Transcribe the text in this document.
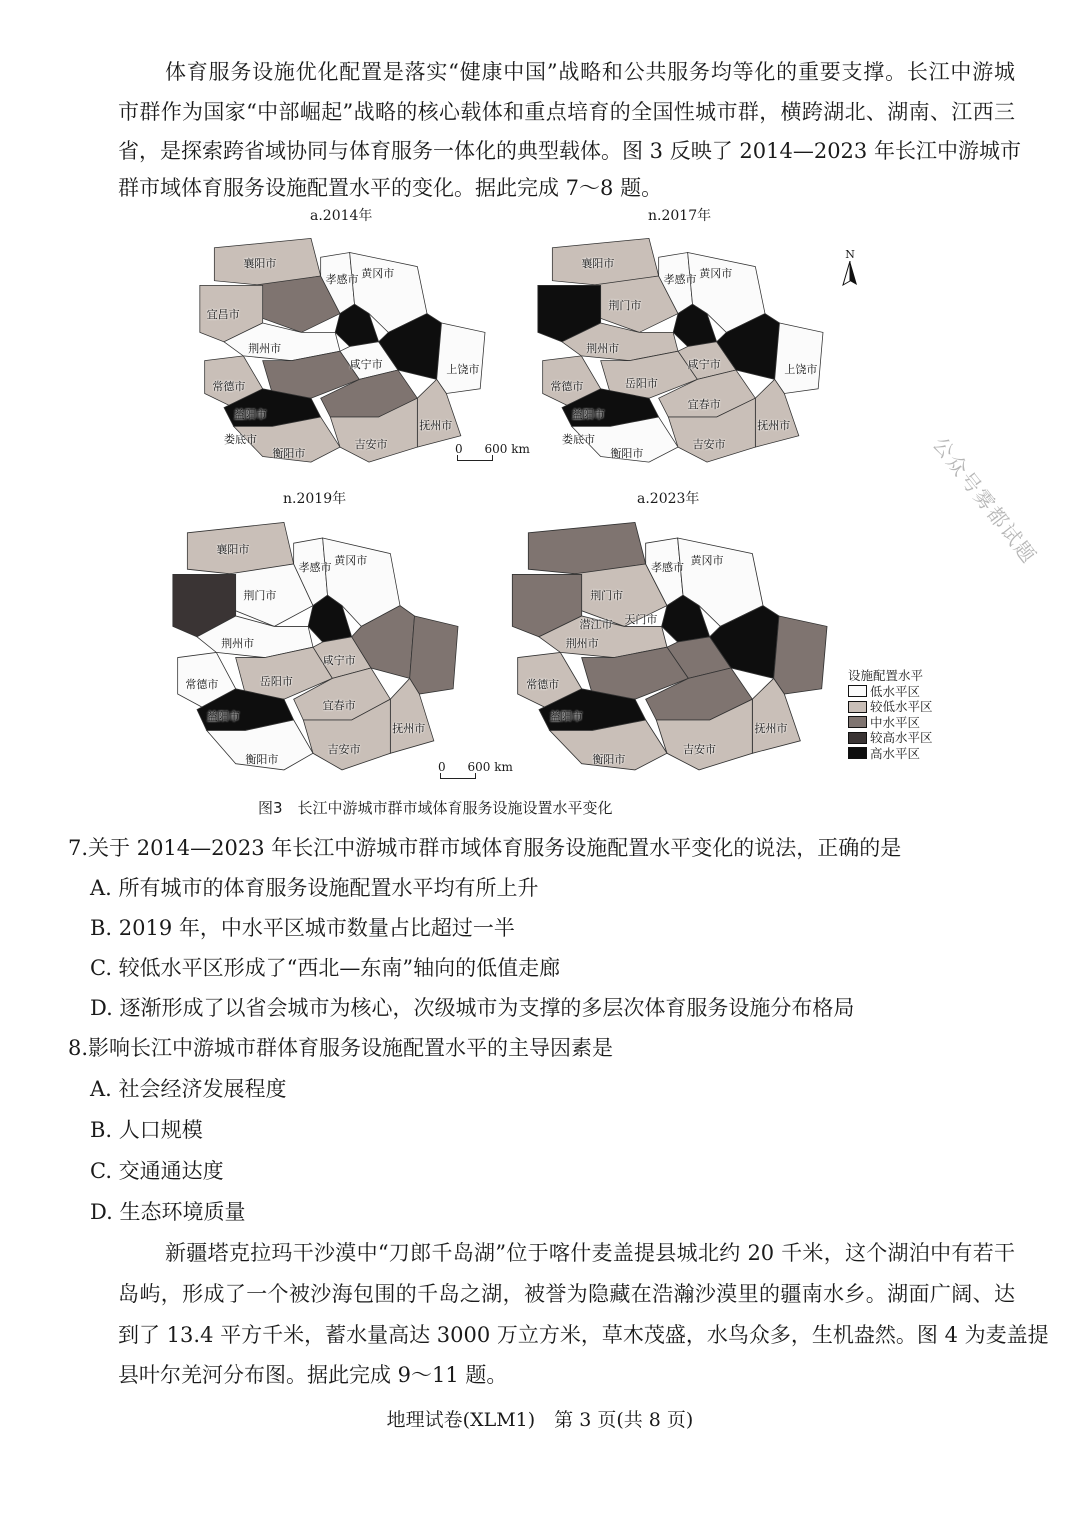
体育服务设施优化配置是落实“健康中国”战略和公共服务均等化的重要支撑。长江中游城
市群作为国家“中部崛起”战略的核心载体和重点培育的全国性城市群，横跨湖北、湖南、江西三
省，是探索跨省域协同与体育服务一体化的典型载体。图 3 反映了 2014—2023 年长江中游城市
群市域体育服务设施配置水平的变化。据此完成 7～8 题。
a.2014年
襄阳市
宜昌市
孝感市
黄冈市
荆州市
咸宁市
常德市
益阳市
娄底市
上饶市
抚州市
吉安市
衡阳市
n.2017年
襄阳市
荆门市
孝感市
黄冈市
荆州市
咸宁市
常德市
益阳市
娄底市
上饶市
抚州市
吉安市
衡阳市
宜春市
岳阳市
n.2019年
襄阳市
荆门市
孝感市
黄冈市
荆州市
咸宁市
常德市
益阳市
抚州市
吉安市
衡阳市
宜春市
岳阳市
a.2023年
荆门市
孝感市
黄冈市
荆州市
常德市
益阳市
抚州市
吉安市
衡阳市
天门市
潜江市
0 600 km
0 600 km
N
设施配置水平
低水平区
较低水平区
中水平区
较高水平区
高水平区
图3　长江中游城市群市域体育服务设施设置水平变化
公众号雾都试题
7.关于 2014—2023 年长江中游城市群市域体育服务设施配置水平变化的说法，正确的是
A. 所有城市的体育服务设施配置水平均有所上升
B. 2019 年，中水平区城市数量占比超过一半
C. 较低水平区形成了“西北—东南”轴向的低值走廊
D. 逐渐形成了以省会城市为核心，次级城市为支撑的多层次体育服务设施分布格局
8.影响长江中游城市群体育服务设施配置水平的主导因素是
A. 社会经济发展程度
B. 人口规模
C. 交通通达度
D. 生态环境质量
新疆塔克拉玛干沙漠中“刀郎千岛湖”位于喀什麦盖提县城北约 20 千米，这个湖泊中有若干
岛屿，形成了一个被沙海包围的千岛之湖，被誉为隐藏在浩瀚沙漠里的疆南水乡。湖面广阔、达
到了 13.4 平方千米，蓄水量高达 3000 万立方米，草木茂盛，水鸟众多，生机盎然。图 4 为麦盖提
县叶尔羌河分布图。据此完成 9～11 题。
地理试卷(XLM1)　第 3 页(共 8 页)
